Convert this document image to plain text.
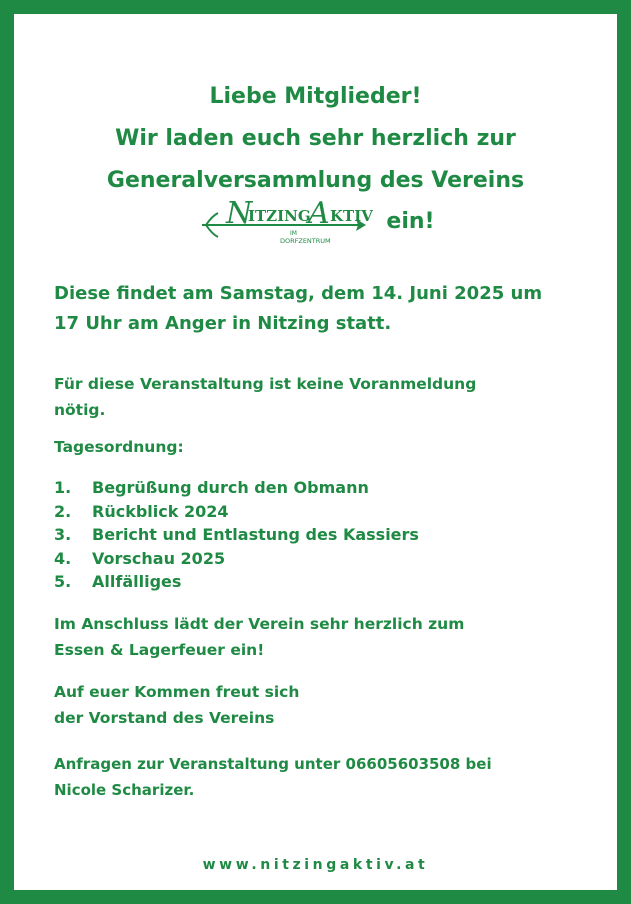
Liebe Mitglieder!
Wir laden euch sehr herzlich zur
Generalversammlung des Vereins
N
ITZING
A KTIV
IM
DORFZENTRUM
ein!
Diese findet am Samstag, dem 14. Juni 2025 um
17 Uhr am Anger in Nitzing statt.
Für diese Veranstaltung ist keine Voranmeldung
nötig.
Tagesordnung:
1.	Begrüßung durch den Obmann
2.	Rückblick 2024
3.	Bericht und Entlastung des Kassiers
4.	Vorschau 2025
5.	Allfälliges
Im Anschluss lädt der Verein sehr herzlich zum
Essen & Lagerfeuer ein!
Auf euer Kommen freut sich
der Vorstand des Vereins
Anfragen zur Veranstaltung unter 06605603508 bei
Nicole Scharizer.
www.nitzingaktiv.at
